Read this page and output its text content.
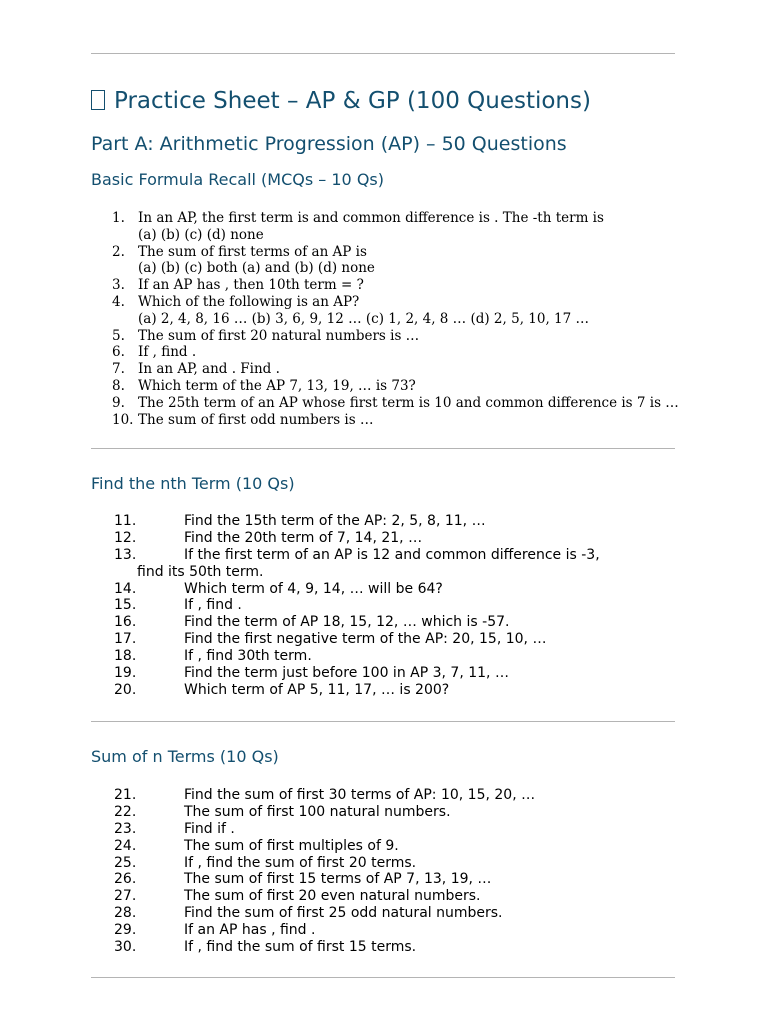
Practice Sheet – AP & GP (100 Questions)
Part A: Arithmetic Progression (AP) – 50 Questions
Basic Formula Recall (MCQs – 10 Qs)
1. In an AP, the first term is and common difference is . The -th term is
(a) (b) (c) (d) none
2. The sum of first terms of an AP is
(a) (b) (c) both (a) and (b) (d) none
3. If an AP has , then 10th term = ?
4. Which of the following is an AP?
(a) 2, 4, 8, 16 … (b) 3, 6, 9, 12 … (c) 1, 2, 4, 8 … (d) 2, 5, 10, 17 …
5. The sum of first 20 natural numbers is …
6. If , find .
7. In an AP, and . Find .
8. Which term of the AP 7, 13, 19, … is 73?
9. The 25th term of an AP whose first term is 10 and common difference is 7 is …
10. The sum of first odd numbers is …
Find the nth Term (10 Qs)
11.	Find the 15th term of the AP: 2, 5, 8, 11, …
12.	Find the 20th term of 7, 14, 21, …
13.	If the first term of an AP is 12 and common difference is -3,
find its 50th term.
14.	Which term of 4, 9, 14, … will be 64?
15.	If , find .
16.	Find the term of AP 18, 15, 12, … which is -57.
17.	Find the first negative term of the AP: 20, 15, 10, …
18.	If , find 30th term.
19.	Find the term just before 100 in AP 3, 7, 11, …
20.	Which term of AP 5, 11, 17, … is 200?
Sum of n Terms (10 Qs)
21.	Find the sum of first 30 terms of AP: 10, 15, 20, …
22.	The sum of first 100 natural numbers.
23.	Find if .
24.	The sum of first multiples of 9.
25.	If , find the sum of first 20 terms.
26.	The sum of first 15 terms of AP 7, 13, 19, …
27.	The sum of first 20 even natural numbers.
28.	Find the sum of first 25 odd natural numbers.
29.	If an AP has , find .
30.	If , find the sum of first 15 terms.
